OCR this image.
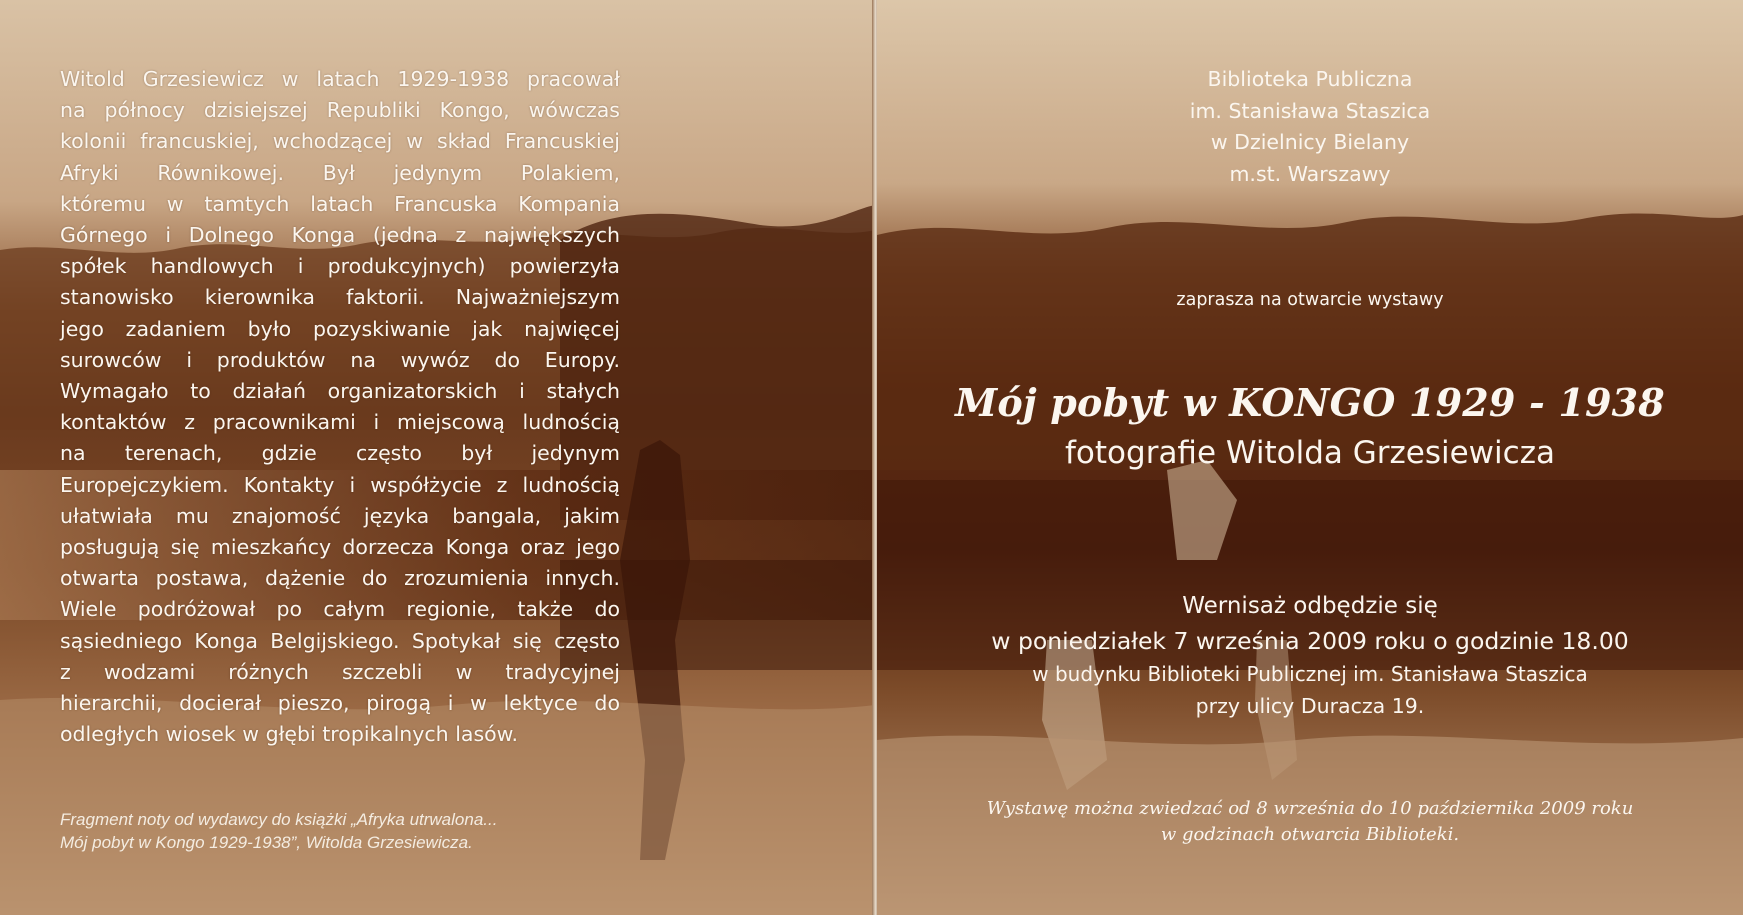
Witold Grzesiewicz w latach 1929-1938 pracował
na północy dzisiejszej Republiki Kongo, wówczas
kolonii francuskiej, wchodzącej w skład Francuskiej
Afryki Równikowej. Był jedynym Polakiem,
któremu w tamtych latach Francuska Kompania
Górnego i Dolnego Konga (jedna z największych
spółek handlowych i produkcyjnych) powierzyła
stanowisko kierownika faktorii. Najważniejszym
jego zadaniem było pozyskiwanie jak najwięcej
surowców i produktów na wywóz do Europy.
Wymagało to działań organizatorskich i stałych
kontaktów z pracownikami i miejscową ludnością
na terenach, gdzie często był jedynym
Europejczykiem. Kontakty i współżycie z ludnością
ułatwiała mu znajomość języka bangala, jakim
posługują się mieszkańcy dorzecza Konga oraz jego
otwarta postawa, dążenie do zrozumienia innych.
Wiele podróżował po całym regionie, także do
sąsiedniego Konga Belgijskiego. Spotykał się często
z wodzami różnych szczebli w tradycyjnej
hierarchii, docierał pieszo, pirogą i w lektyce do
odległych wiosek w głębi tropikalnych lasów.
Fragment noty od wydawcy do książki „Afryka utrwalona...
Mój pobyt w Kongo 1929-1938”, Witolda Grzesiewicza.
Biblioteka Publiczna
im. Stanisława Staszica
w Dzielnicy Bielany
m.st. Warszawy
zaprasza na otwarcie wystawy
Mój pobyt w KONGO 1929 - 1938
fotografie Witolda Grzesiewicza
Wernisaż odbędzie się
w poniedziałek 7 września 2009 roku o godzinie 18.00
w budynku Biblioteki Publicznej im. Stanisława Staszica
przy ulicy Duracza 19.
Wystawę można zwiedzać od 8 września do 10 października 2009 roku
w godzinach otwarcia Biblioteki.
